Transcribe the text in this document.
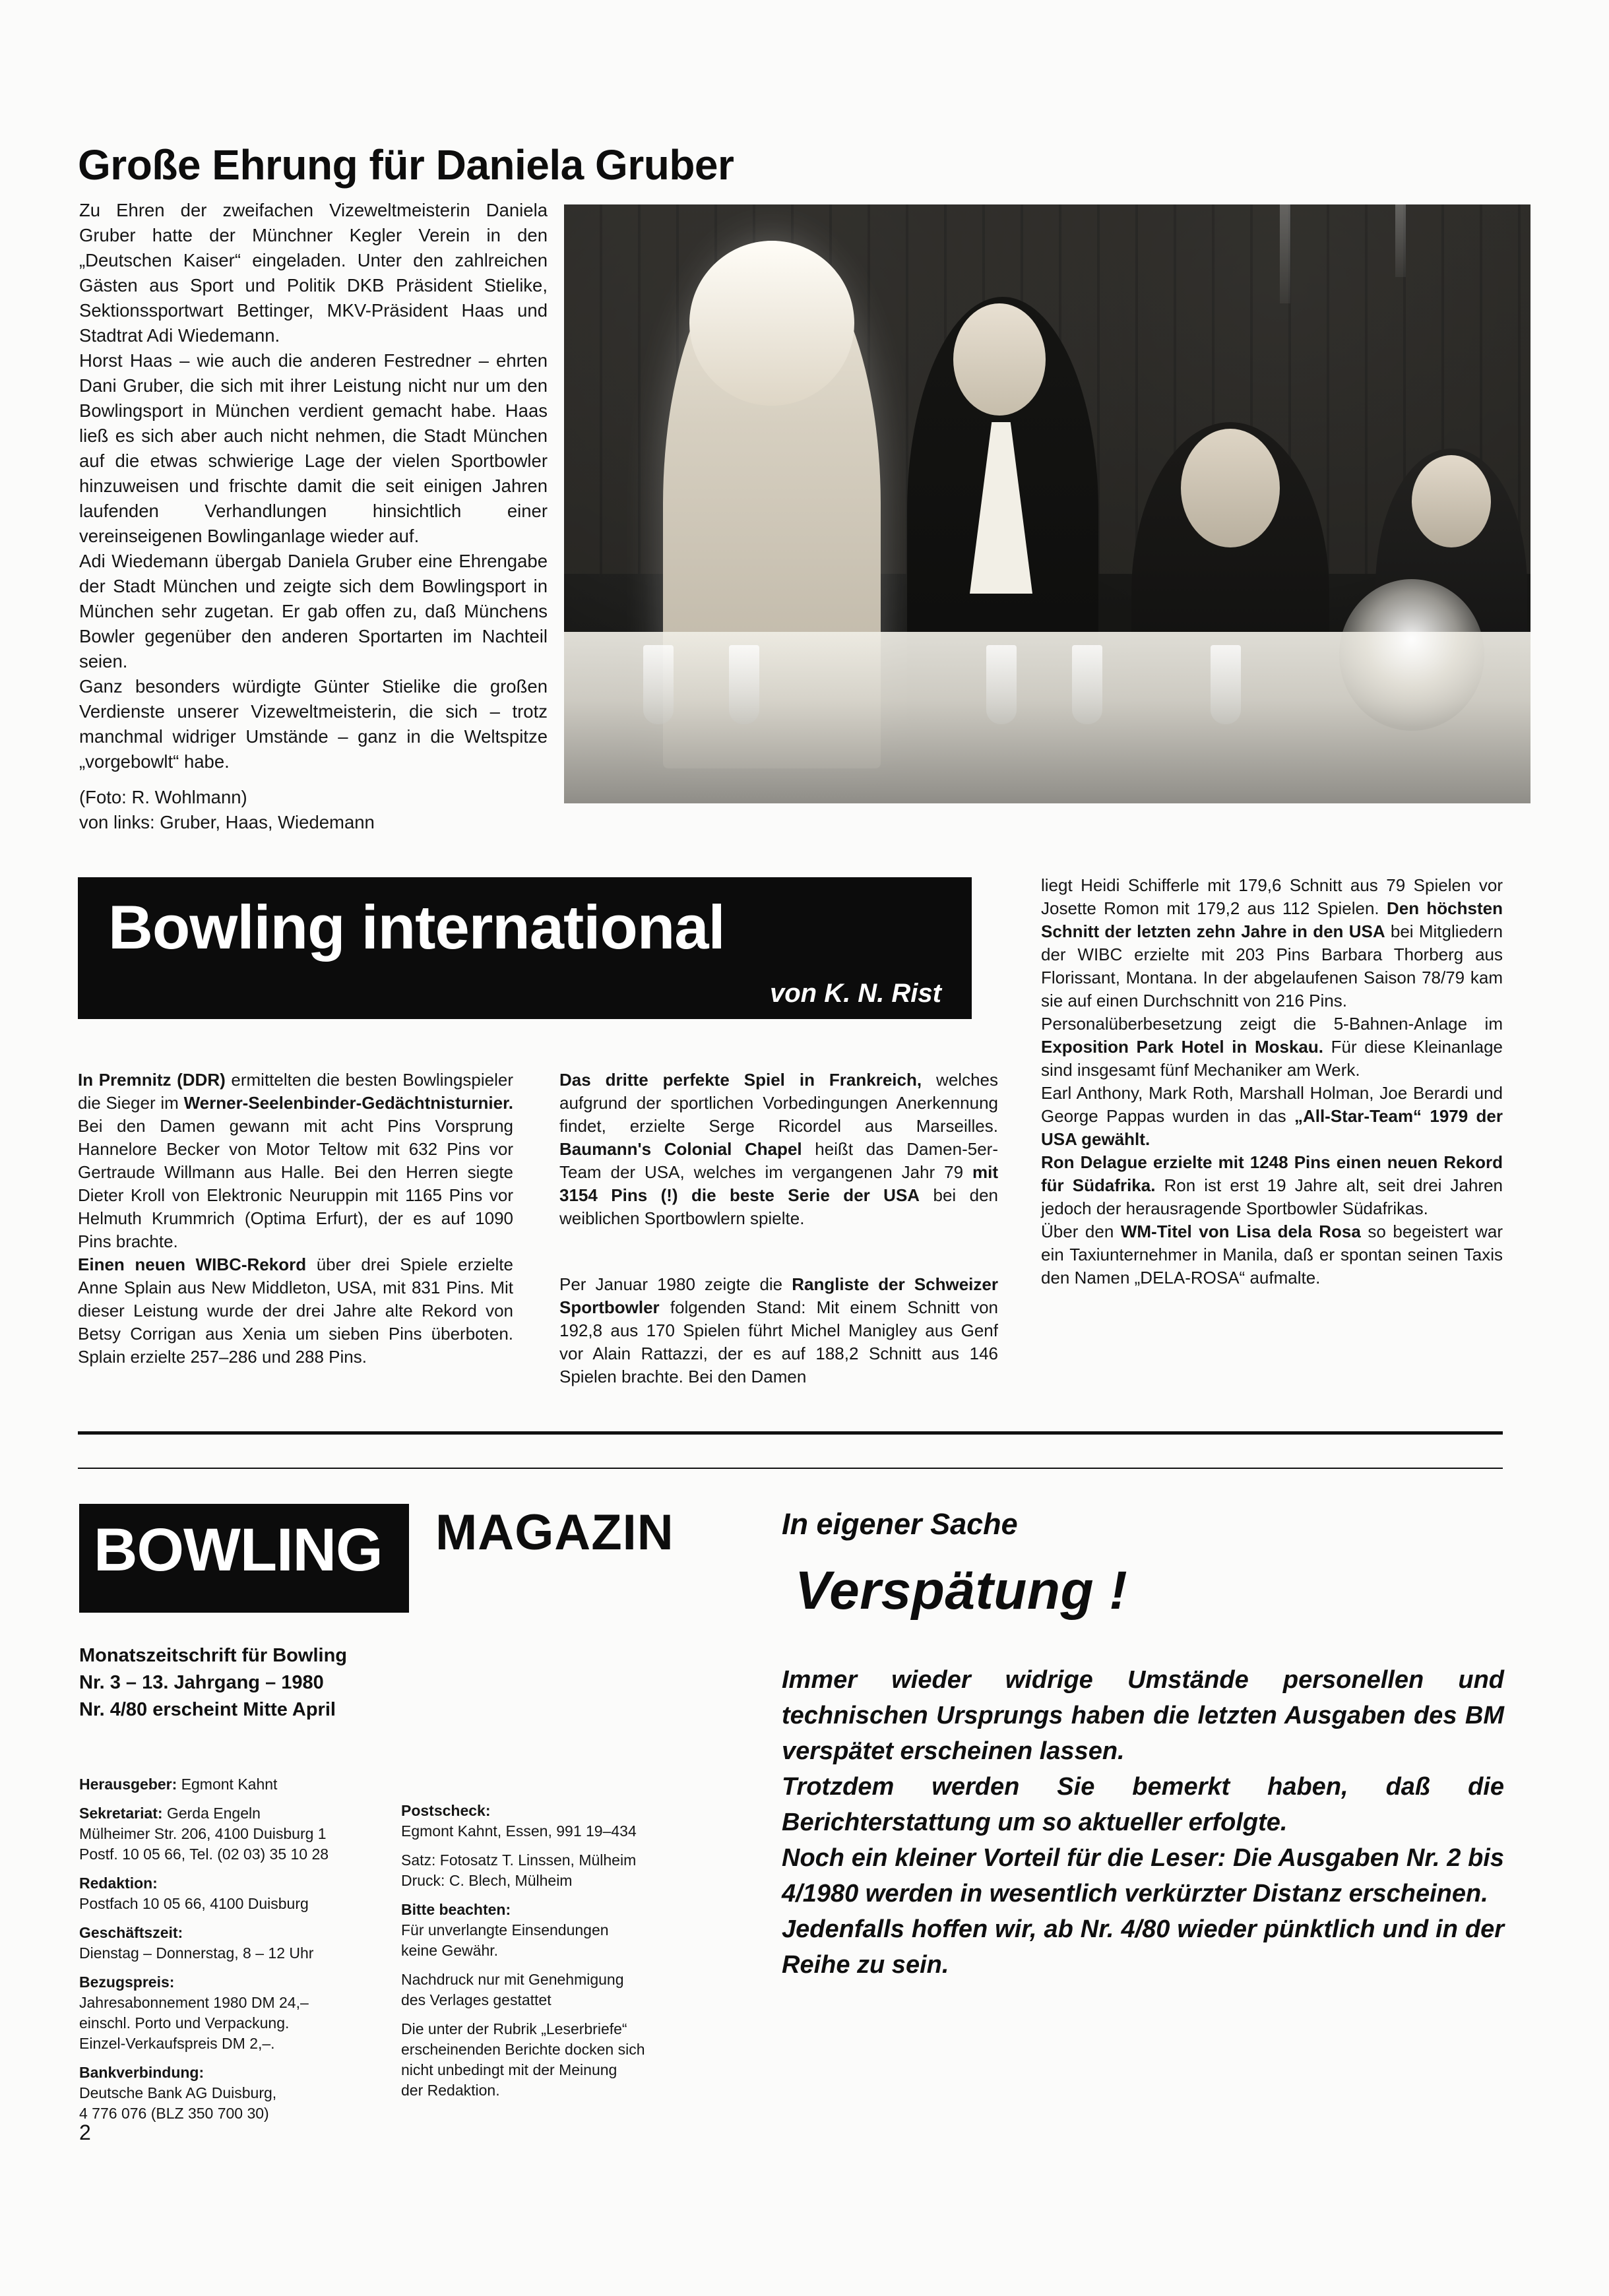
Große Ehrung für Daniela Gruber

Zu Ehren der zweifachen Vizeweltmeisterin Daniela Gruber hatte der Münchner Kegler Verein in den „Deutschen Kaiser“ eingeladen. Unter den zahlreichen Gästen aus Sport und Politik DKB Präsident Stielike, Sektionssportwart Bettinger, MKV-Präsident Haas und Stadtrat Adi Wiedemann.

Horst Haas – wie auch die anderen Festredner – ehrten Dani Gruber, die sich mit ihrer Leistung nicht nur um den Bowlingsport in München verdient gemacht habe. Haas ließ es sich aber auch nicht nehmen, die Stadt München auf die etwas schwierige Lage der vielen Sportbowler hinzuweisen und frischte damit die seit einigen Jahren laufenden Verhandlungen hinsichtlich einer vereinseigenen Bowlinganlage wieder auf.

Adi Wiedemann übergab Daniela Gruber eine Ehrengabe der Stadt München und zeigte sich dem Bowlingsport in München sehr zugetan. Er gab offen zu, daß Münchens Bowler gegenüber den anderen Sportarten im Nachteil seien.

Ganz besonders würdigte Günter Stielike die großen Verdienste unserer Vizeweltmeisterin, die sich – trotz manchmal widriger Umstände – ganz in die Weltspitze „vorgebowlt“ habe.

(Foto: R. Wohlmann)
von links: Gruber, Haas, Wiedemann
Bowling international
von K. N. Rist

In Premnitz (DDR) ermittelten die besten Bowlingspieler die Sieger im Werner-Seelenbinder-Gedächtnisturnier. Bei den Damen gewann mit acht Pins Vorsprung Hannelore Becker von Motor Teltow mit 632 Pins vor Gertraude Willmann aus Halle. Bei den Herren siegte Dieter Kroll von Elektronic Neuruppin mit 1165 Pins vor Helmuth Krummrich (Optima Erfurt), der es auf 1090 Pins brachte.

Einen neuen WIBC-Rekord über drei Spiele erzielte Anne Splain aus New Middleton, USA, mit 831 Pins. Mit dieser Leistung wurde der drei Jahre alte Rekord von Betsy Corrigan aus Xenia um sieben Pins überboten. Splain erzielte 257–286 und 288 Pins.

Das dritte perfekte Spiel in Frankreich, welches aufgrund der sportlichen Vorbedingungen Anerkennung findet, erzielte Serge Ricordel aus Marseilles. Baumann's Colonial Chapel heißt das Damen-5er-Team der USA, welches im vergangenen Jahr 79 mit 3154 Pins (!) die beste Serie der USA bei den weiblichen Sportbowlern spielte.

Per Januar 1980 zeigte die Rangliste der Schweizer Sportbowler folgenden Stand: Mit einem Schnitt von 192,8 aus 170 Spielen führt Michel Manigley aus Genf vor Alain Rattazzi, der es auf 188,2 Schnitt aus 146 Spielen brachte. Bei den Damen

liegt Heidi Schifferle mit 179,6 Schnitt aus 79 Spielen vor Josette Romon mit 179,2 aus 112 Spielen. Den höchsten Schnitt der letzten zehn Jahre in den USA bei Mitgliedern der WIBC erzielte mit 203 Pins Barbara Thorberg aus Florissant, Montana. In der abgelaufenen Saison 78/79 kam sie auf einen Durchschnitt von 216 Pins.

Personalüberbesetzung zeigt die 5-Bahnen-Anlage im Exposition Park Hotel in Moskau. Für diese Kleinanlage sind insgesamt fünf Mechaniker am Werk.

Earl Anthony, Mark Roth, Marshall Holman, Joe Berardi und George Pappas wurden in das „All-Star-Team“ 1979 der USA gewählt.

Ron Delague erzielte mit 1248 Pins einen neuen Rekord für Südafrika. Ron ist erst 19 Jahre alt, seit drei Jahren jedoch der herausragende Sportbowler Südafrikas.

Über den WM-Titel von Lisa dela Rosa so begeistert war ein Taxiunternehmer in Manila, daß er spontan seinen Taxis den Namen „DELA-ROSA“ aufmalte.

BOWLING MAGAZIN
Monatszeitschrift für Bowling
Nr. 3 – 13. Jahrgang – 1980
Nr. 4/80 erscheint Mitte April

Herausgeber: Egmont Kahnt

Sekretariat: Gerda Engeln
Mülheimer Str. 206, 4100 Duisburg 1
Postf. 10 05 66, Tel. (02 03) 35 10 28

Redaktion:
Postfach 10 05 66, 4100 Duisburg

Geschäftszeit:
Dienstag – Donnerstag, 8 – 12 Uhr

Bezugspreis:
Jahresabonnement 1980 DM 24,–
einschl. Porto und Verpackung.
Einzel-Verkaufspreis DM 2,–.

Bankverbindung:
Deutsche Bank AG Duisburg,
4 776 076 (BLZ 350 700 30)

Postscheck:
Egmont Kahnt, Essen, 991 19–434

Satz: Fotosatz T. Linssen, Mülheim
Druck: C. Blech, Mülheim

Bitte beachten:
Für unverlangte Einsendungen
keine Gewähr.

Nachdruck nur mit Genehmigung
des Verlages gestattet

Die unter der Rubrik „Leserbriefe“
erscheinenden Berichte docken sich
nicht unbedingt mit der Meinung
der Redaktion.

In eigener Sache
Verspätung !

Immer wieder widrige Umstände personellen und technischen Ursprungs haben die letzten Ausgaben des BM verspätet erscheinen lassen.

Trotzdem werden Sie bemerkt haben, daß die Berichterstattung um so aktueller erfolgte.

Noch ein kleiner Vorteil für die Leser: Die Ausgaben Nr. 2 bis 4/1980 werden in wesentlich verkürzter Distanz erscheinen.

Jedenfalls hoffen wir, ab Nr. 4/80 wieder pünktlich und in der Reihe zu sein.

2
